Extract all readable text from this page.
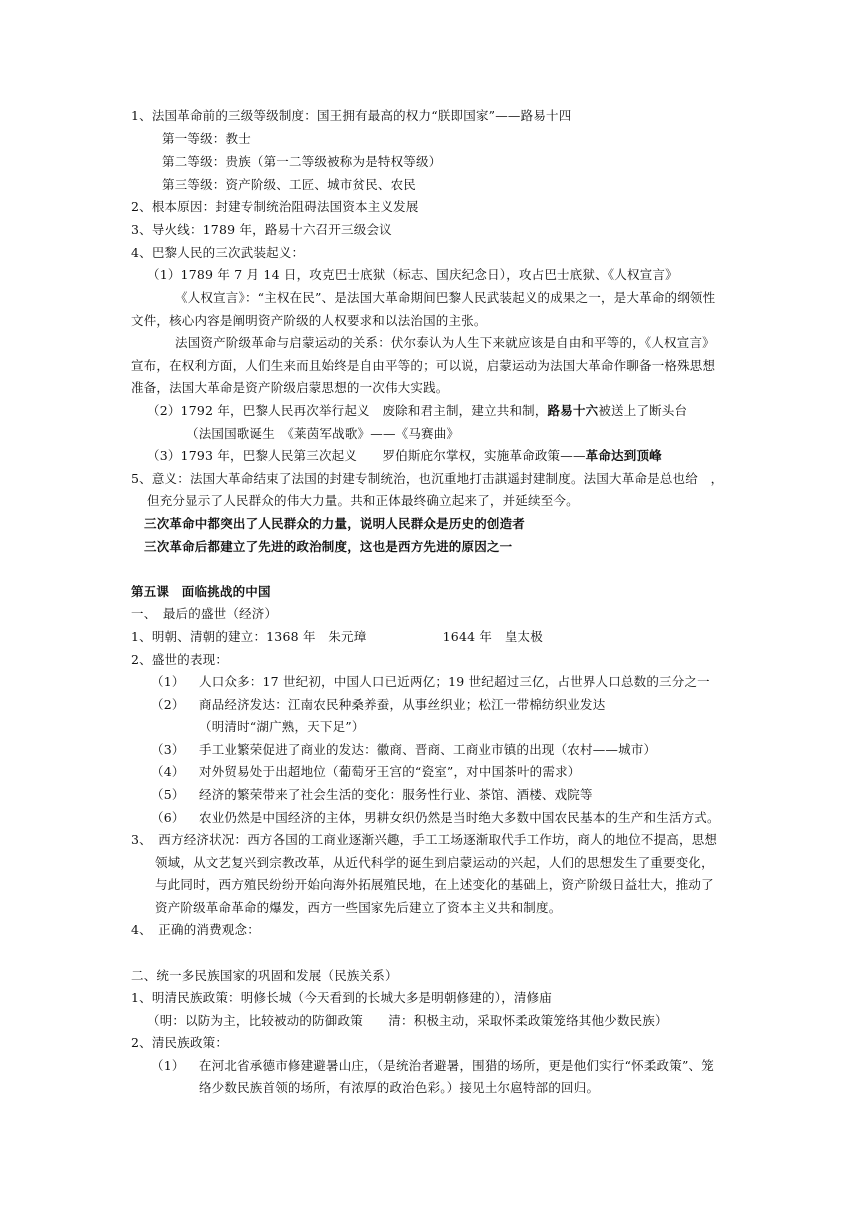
1、法国革命前的三级等级制度：国王拥有最高的权力“朕即国家”——路易十四
第一等级：教士
第二等级：贵族（第一二等级被称为是特权等级）
第三等级：资产阶级、工匠、城市贫民、农民
2、根本原因：封建专制统治阻碍法国资本主义发展
3、导火线：1789 年，路易十六召开三级会议
4、巴黎人民的三次武装起义：
（1）1789 年 7 月 14 日，攻克巴士底狱（标志、国庆纪念日），攻占巴士底狱、《人权宣言》
《人权宣言》：“主权在民”、是法国大革命期间巴黎人民武装起义的成果之一，是大革命的纲领性
文件，核心内容是阐明资产阶级的人权要求和以法治国的主张。
法国资产阶级革命与启蒙运动的关系：伏尔泰认为人生下来就应该是自由和平等的，《人权宣言》
宣布，在权利方面，人们生来而且始终是自由平等的；可以说，启蒙运动为法国大革命作聊备一格殊思想
准备，法国大革命是资产阶级启蒙思想的一次伟大实践。
（2）1792 年，巴黎人民再次举行起义　废除和君主制，建立共和制，路易十六被送上了断头台
（法国国歌诞生　《莱茵军战歌》——《马赛曲》
（3）1793 年，巴黎人民第三次起义　　罗伯斯庇尔掌权，实施革命政策——革命达到顶峰
5、意义：法国大革命结束了法国的封建专制统治，也沉重地打击諆遥封建制度。法国大革命是总也给　，
但充分显示了人民群众的伟大力量。共和正体最终确立起来了，并延续至今。
三次革命中都突出了人民群众的力量，说明人民群众是历史的创造者
三次革命后都建立了先进的政治制度，这也是西方先进的原因之一
第五课　面临挑战的中国
一、　最后的盛世（经济）
1、明朝、清朝的建立：1368 年　朱元璋　　　　　　1644 年　皇太极
2、盛世的表现：
（1） 人口众多：17 世纪初，中国人口已近两亿；19 世纪超过三亿，占世界人口总数的三分之一
（2） 商品经济发达：江南农民种桑养蚕，从事丝织业；松江一带棉纺织业发达
（明清时“湖广熟，天下足”）
（3） 手工业繁荣促进了商业的发达：徽商、晋商、工商业市镇的出现（农村——城市）
（4） 对外贸易处于出超地位（葡萄牙王宫的“瓷室”，对中国茶叶的需求）
（5） 经济的繁荣带来了社会生活的变化：服务性行业、茶馆、酒楼、戏院等
（6） 农业仍然是中国经济的主体，男耕女织仍然是当时绝大多数中国农民基本的生产和生活方式。
3、　西方经济状况：西方各国的工商业逐渐兴趣，手工工场逐渐取代手工作坊，商人的地位不提高，思想
领域，从文艺复兴到宗教改革，从近代科学的诞生到启蒙运动的兴起，人们的思想发生了重要变化，
与此同时，西方殖民纷纷开始向海外拓展殖民地，在上述变化的基础上，资产阶级日益壮大，推动了
资产阶级革命革命的爆发，西方一些国家先后建立了资本主义共和制度。
4、　正确的消费观念：
二、统一多民族国家的巩固和发展（民族关系）
1、明清民族政策：明修长城（今天看到的长城大多是明朝修建的），清修庙
（明：以防为主，比较被动的防御政策　　清：积极主动，采取怀柔政策笼络其他少数民族）
2、清民族政策：
（1） 在河北省承德市修建避暑山庄，（是统治者避暑，围猎的场所，更是他们实行“怀柔政策”、笼
络少数民族首领的场所，有浓厚的政治色彩。）接见土尔扈特部的回归。
